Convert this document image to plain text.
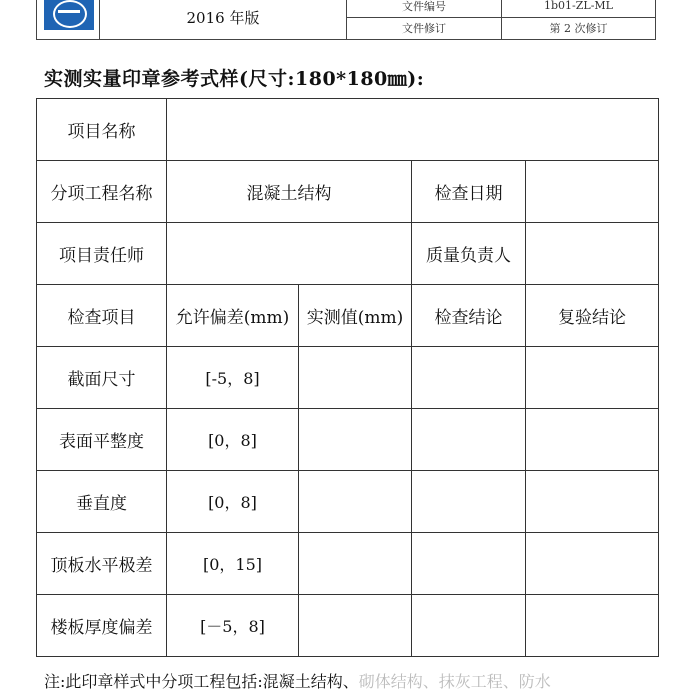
	2016 年版	文件编号	1b01-ZL-ML
		文件修订	第 2 次修订
实测实量印章参考式样(尺寸:180*180㎜):
项目名称				
分项工程名称	混凝土结构		检查日期	
项目责任师			质量负责人	
检查项目	允许偏差(mm)	实测值(mm)	检查结论	复验结论
截面尺寸	[-5，8]			
表面平整度	[0，8]			
垂直度	[0，8]			
顶板水平极差	[0，15]			
楼板厚度偏差	[－5，8]			
注:此印章样式中分项工程包括:混凝土结构、砌体结构、抹灰工程、防水
